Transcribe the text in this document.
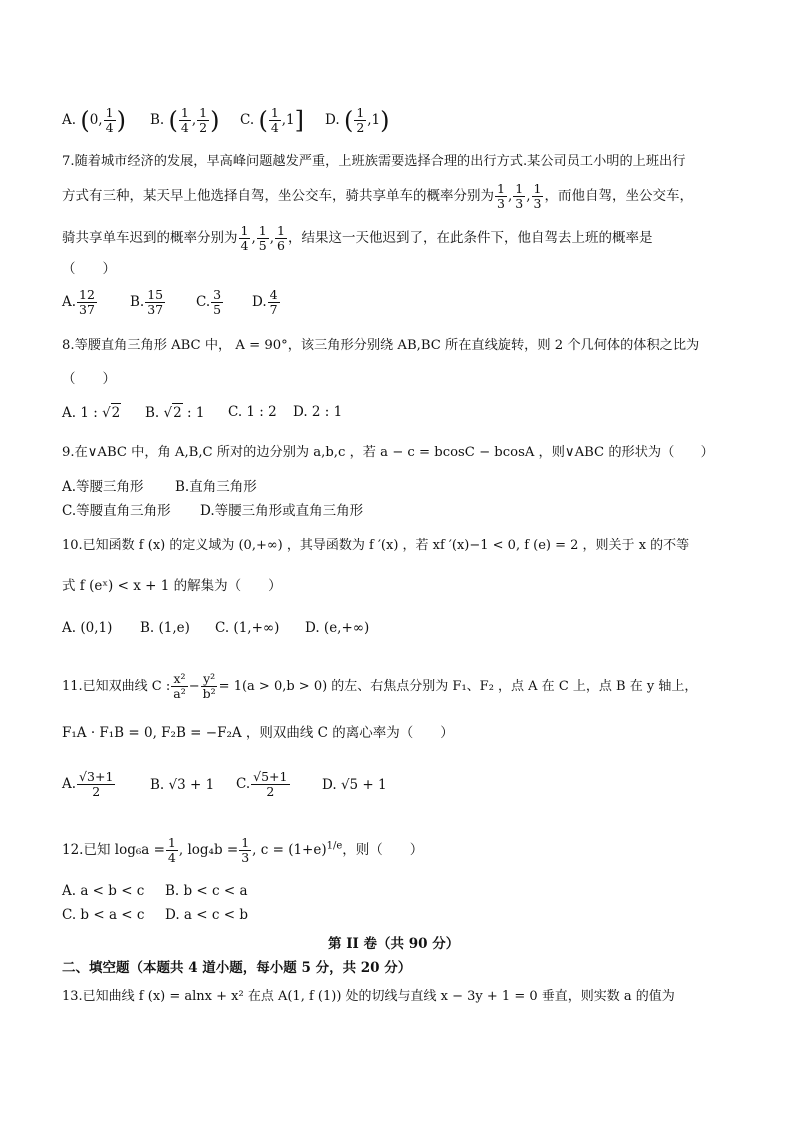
A. (0, $\frac{1}{4}$ ) B. ( $\frac{1}{4}$ , $\frac{1}{2}$ ) C. ( $\frac{1}{4} ,1$] D. ( $\frac{1}{2} ,1$)
7.随着城市经济的发展，早高峰问题越发严重，上班族需要选择合理的出行方式.某公司员工小明的上班出行
方式有三种，某天早上他选择自驾，坐公交车，骑共享单车的概率分别为 $\frac{1}{3}$ , $\frac{1}{3}$ , $\frac{1}{3}$ ，而他自驾，坐公交车，
骑共享单车迟到的概率分别为 $\frac{1}{4}$ , $\frac{1}{5}$ , $\frac{1}{6}$ ，结果这一天他迟到了，在此条件下，他自驾去上班的概率是
（　　）
A. $\frac{12}{37} B$. $\frac{15}{37} C$. $\frac{3}{5} D$. $\frac{4}{7}$
8.等腰直角三角形 ABC 中， A = 90°，该三角形分别绕 AB,BC 所在直线旋转，则 2 个几何体的体积之比为
（　　）
A. 1 : √2 B. √2 : 1 C. 1 : 2 D. 2 : 1
9.在∨ABC 中，角 A,B,C 所对的边分别为 a,b,c ，若 a − c = bcosC − bcosA ，则∨ABC 的形状为（　　）
A.等腰三角形 B.直角三角形
C.等腰直角三角形 D.等腰三角形或直角三角形
10.已知函数 f (x) 的定义域为 (0,+∞) ，其导函数为 f ′(x) ，若 xf ′(x)−1 < 0, f (e) = 2 ，则关于 x 的不等
式 f (eˣ) < x + 1 的解集为（　　）
A. (0,1) B. (1,e) C. (1,+∞) D. (e,+∞)
11.已知双曲线 C : $\frac{\text{x²}}{\text{a²}} - \frac{\text{y²}}{\text{b²}} = 1(a > 0,b > 0)$ 的左、右焦点分别为 F₁、F₂ ，点 A 在 C 上，点 B 在 y 轴上，
F₁A · F₁B = 0, F₂B = −F₂A ，则双曲线 C 的离心率为（　　）
A. $\frac{√3+1}{2}$	B. √3 + 1 C. $\frac{√5+1}{2} D$. √5 + 1
12.已知 $\log_6a = \frac{1}{4}$ , $\log_4b = \frac{1}{3}$ , $c = (1+e)^{1/e}$，则（　　）
A. a < b < c B. b < c < a
C. b < a < c D. a < c < b
第 II 卷（共 90 分）
二、填空题（本题共 4 道小题，每小题 5 分，共 20 分）
13.已知曲线 f (x) = alnx + x² 在点 A(1, f (1)) 处的切线与直线 x − 3y + 1 = 0 垂直，则实数 a 的值为
